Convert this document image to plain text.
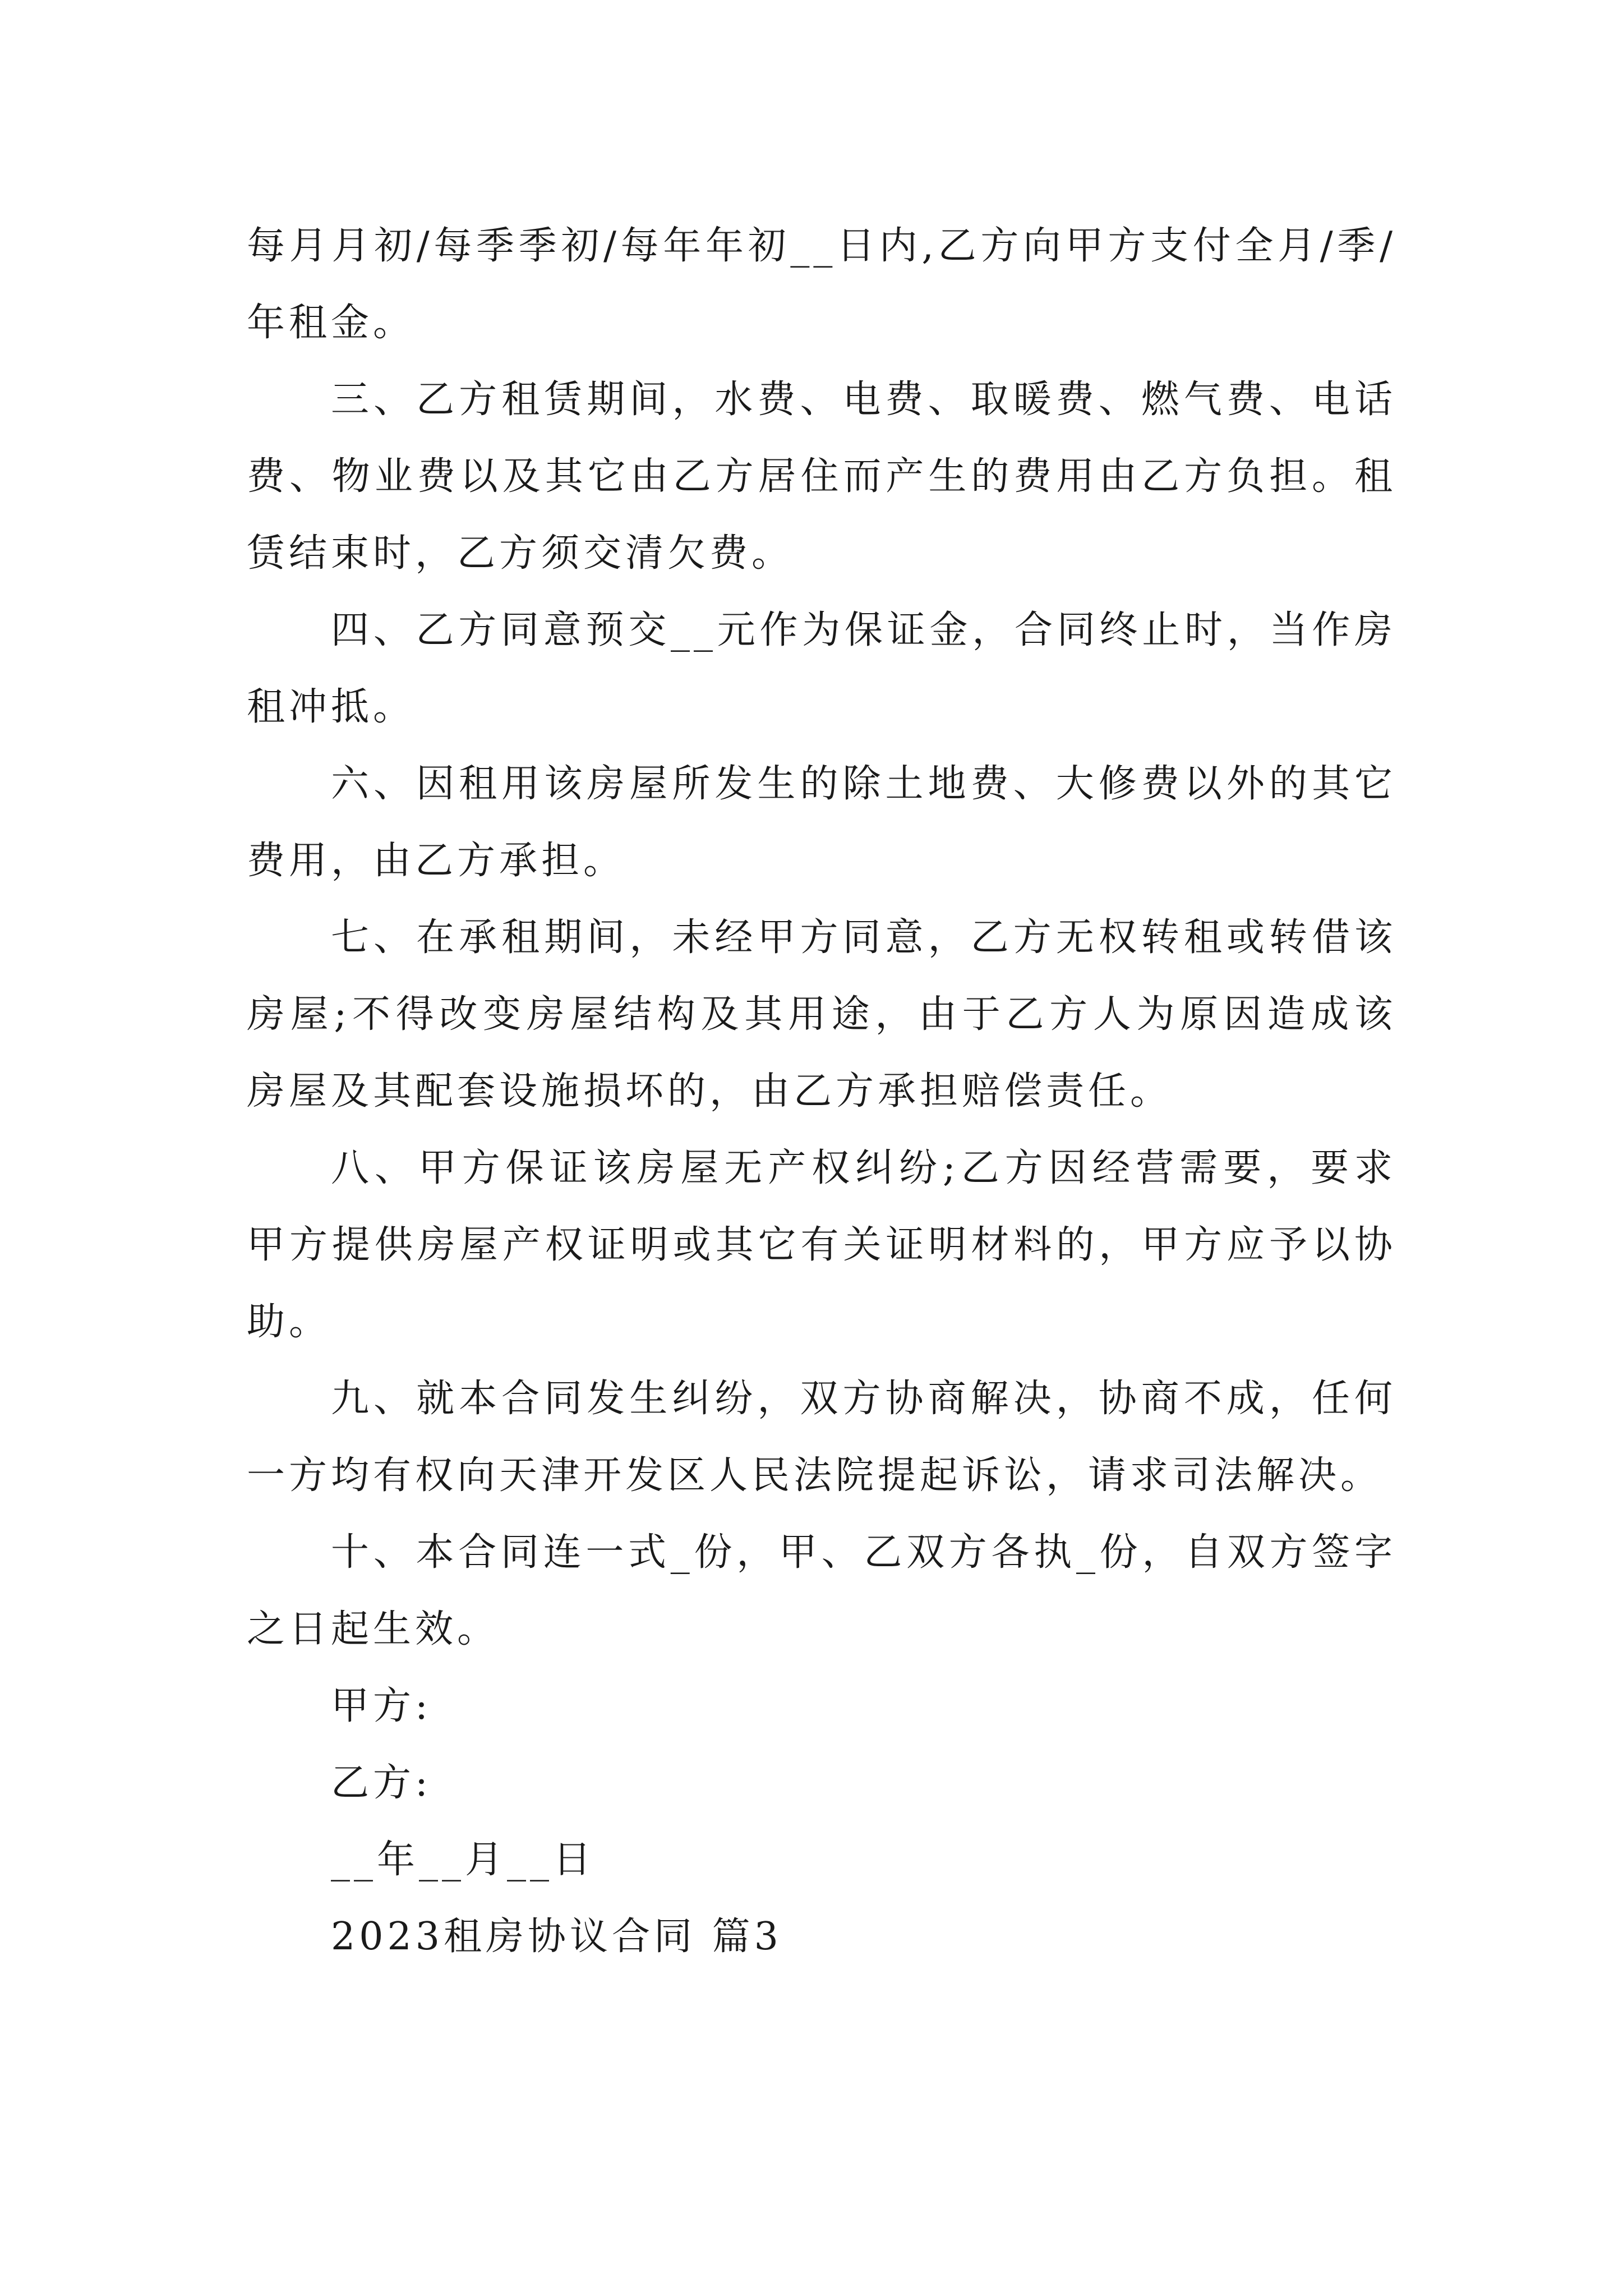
每月月初/每季季初/每年年初__日内,乙方向甲方支付全月/季/年租金。

三、乙方租赁期间，水费、电费、取暖费、燃气费、电话费、物业费以及其它由乙方居住而产生的费用由乙方负担。租赁结束时，乙方须交清欠费。

四、乙方同意预交__元作为保证金，合同终止时，当作房租冲抵。

六、因租用该房屋所发生的除土地费、大修费以外的其它费用，由乙方承担。

七、在承租期间，未经甲方同意，乙方无权转租或转借该房屋;不得改变房屋结构及其用途，由于乙方人为原因造成该房屋及其配套设施损坏的，由乙方承担赔偿责任。

八、甲方保证该房屋无产权纠纷;乙方因经营需要，要求甲方提供房屋产权证明或其它有关证明材料的，甲方应予以协助。

九、就本合同发生纠纷，双方协商解决，协商不成，任何一方均有权向天津开发区人民法院提起诉讼，请求司法解决。

十、本合同连一式_份，甲、乙双方各执_份，自双方签字之日起生效。

甲方:

乙方:

__年__月__日

2023租房协议合同 篇3
